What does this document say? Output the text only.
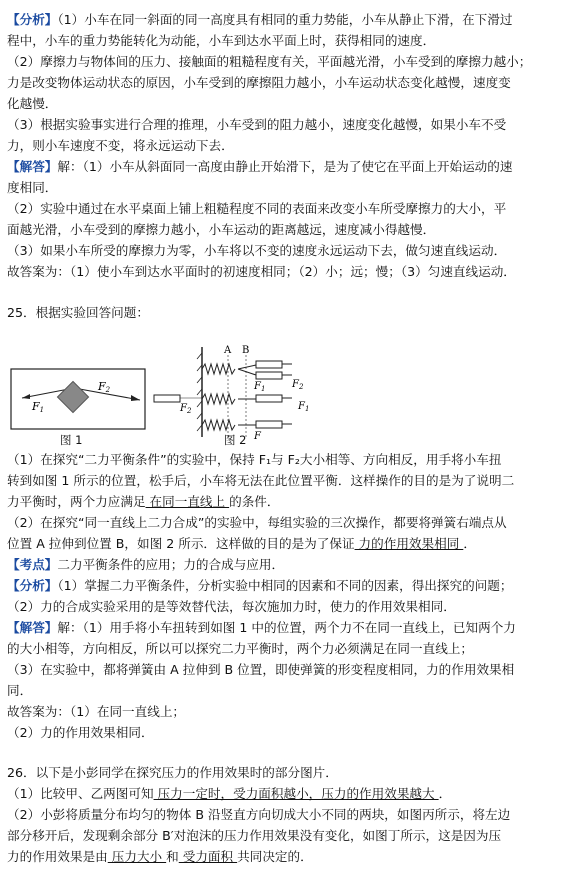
【分析】（1）小车在同一斜面的同一高度具有相同的重力势能，小车从静止下滑，在下滑过
程中，小车的重力势能转化为动能，小车到达水平面上时，获得相同的速度．
（2）摩擦力与物体间的压力、接触面的粗糙程度有关，平面越光滑，小车受到的摩擦力越小；
力是改变物体运动状态的原因，小车受到的摩擦阻力越小，小车运动状态变化越慢，速度变
化越慢．
（3）根据实验事实进行合理的推理，小车受到的阻力越小，速度变化越慢，如果小车不受
力，则小车速度不变，将永远运动下去．
【解答】解：（1）小车从斜面同一高度由静止开始滑下，是为了使它在平面上开始运动的速
度相同．
（2）实验中通过在水平桌面上铺上粗糙程度不同的表面来改变小车所受摩擦力的大小，平
面越光滑，小车受到的摩擦力越小，小车运动的距离越远，速度减小得越慢．
（3）如果小车所受的摩擦力为零，小车将以不变的速度永远运动下去，做匀速直线运动．
故答案为：（1）使小车到达水平面时的初速度相同；（2）小；远；慢；（3）匀速直线运动．
25．根据实验回答问题：
F1
F2
图 1
A B
$F_1$	$F_2$
$F_2$	$F_1$
F
图 2
（1）在探究“二力平衡条件”的实验中，保持 F₁与 F₂大小相等、方向相反，用手将小车扭
转到如图 1 所示的位置，松手后，小车将无法在此位置平衡．这样操作的目的是为了说明二
力平衡时，两个力应满足 在同一直线上 的条件．
（2）在探究“同一直线上二力合成”的实验中，每组实验的三次操作，都要将弹簧右端点从
位置 A 拉伸到位置 B，如图 2 所示．这样做的目的是为了保证 力的作用效果相同 ．
【考点】二力平衡条件的应用；力的合成与应用．
【分析】（1）掌握二力平衡条件，分析实验中相同的因素和不同的因素，得出探究的问题；
（2）力的合成实验采用的是等效替代法，每次施加力时，使力的作用效果相同．
【解答】解：（1）用手将小车扭转到如图 1 中的位置，两个力不在同一直线上，已知两个力
的大小相等，方向相反，所以可以探究二力平衡时，两个力必须满足在同一直线上；
（3）在实验中，都将弹簧由 A 拉伸到 B 位置，即使弹簧的形变程度相同，力的作用效果相
同．
故答案为：（1）在同一直线上；
（2）力的作用效果相同．
26．以下是小彭同学在探究压力的作用效果时的部分图片．
（1）比较甲、乙两图可知 压力一定时，受力面积越小，压力的作用效果越大 ．
（2）小彭将质量分布均匀的物体 B 沿竖直方向切成大小不同的两块，如图丙所示，将左边
部分移开后，发现剩余部分 B′对泡沫的压力作用效果没有变化，如图丁所示，这是因为压
力的作用效果是由 压力大小 和 受力面积 共同决定的．
